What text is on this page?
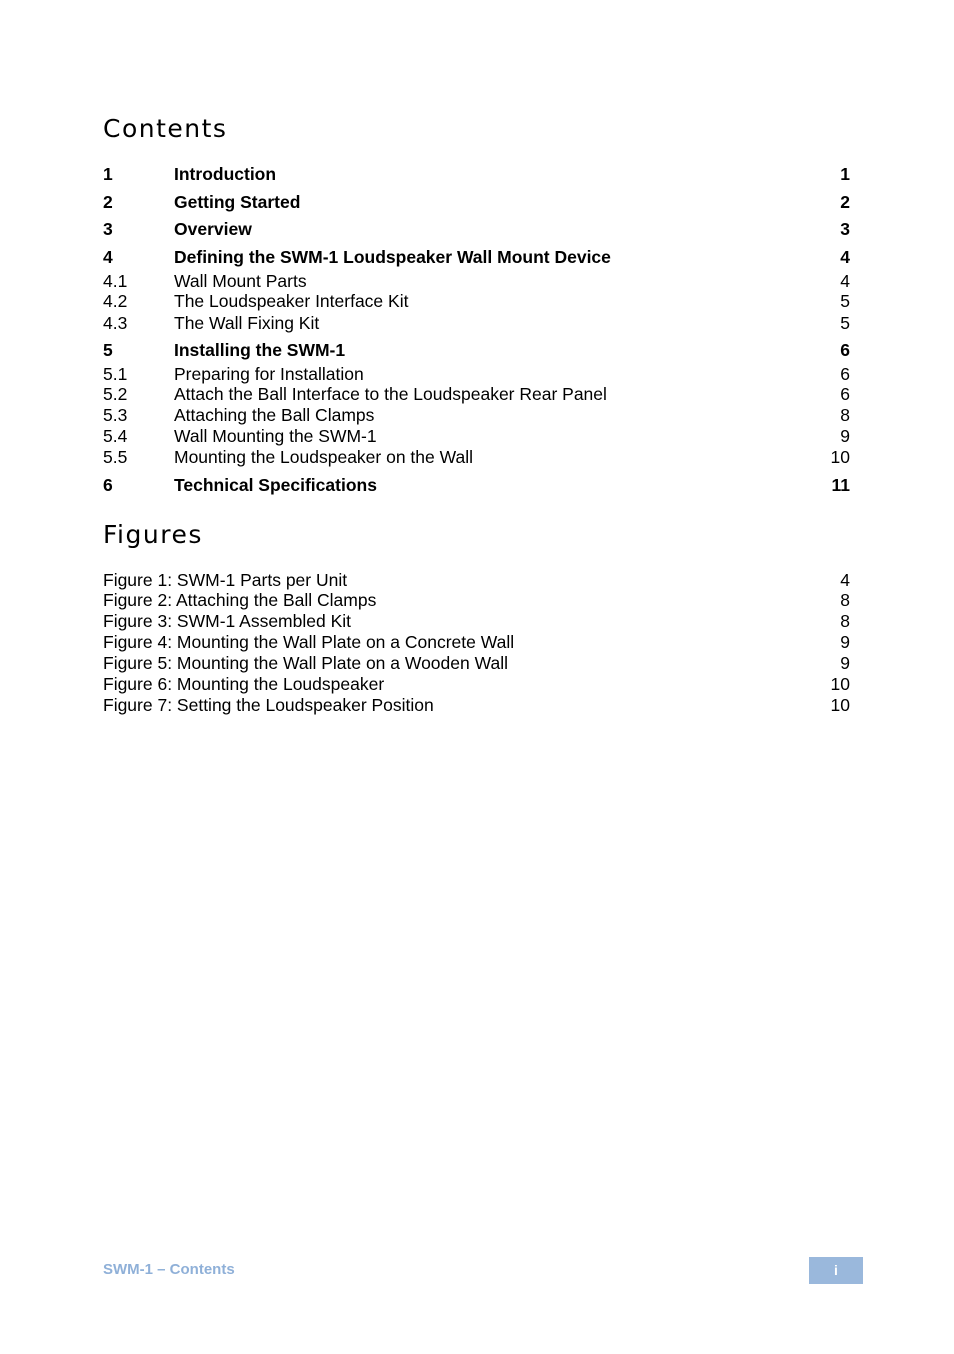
Contents
1	Introduction	1
2	Getting Started	2
3	Overview	3
4	Defining the SWM-1 Loudspeaker Wall Mount Device	4
4.1	Wall Mount Parts	4
4.2	The Loudspeaker Interface Kit	5
4.3	The Wall Fixing Kit	5
5	Installing the SWM-1	6
5.1	Preparing for Installation	6
5.2	Attach the Ball Interface to the Loudspeaker Rear Panel	6
5.3	Attaching the Ball Clamps	8
5.4	Wall Mounting the SWM-1	9
5.5	Mounting the Loudspeaker on the Wall	10
6	Technical Specifications	11
Figures
Figure 1: SWM-1 Parts per Unit	4
Figure 2: Attaching the Ball Clamps	8
Figure 3: SWM-1 Assembled Kit	8
Figure 4: Mounting the Wall Plate on a Concrete Wall	9
Figure 5: Mounting the Wall Plate on a Wooden Wall	9
Figure 6: Mounting the Loudspeaker	10
Figure 7: Setting the Loudspeaker Position	10
SWM-1 – Contents	i
